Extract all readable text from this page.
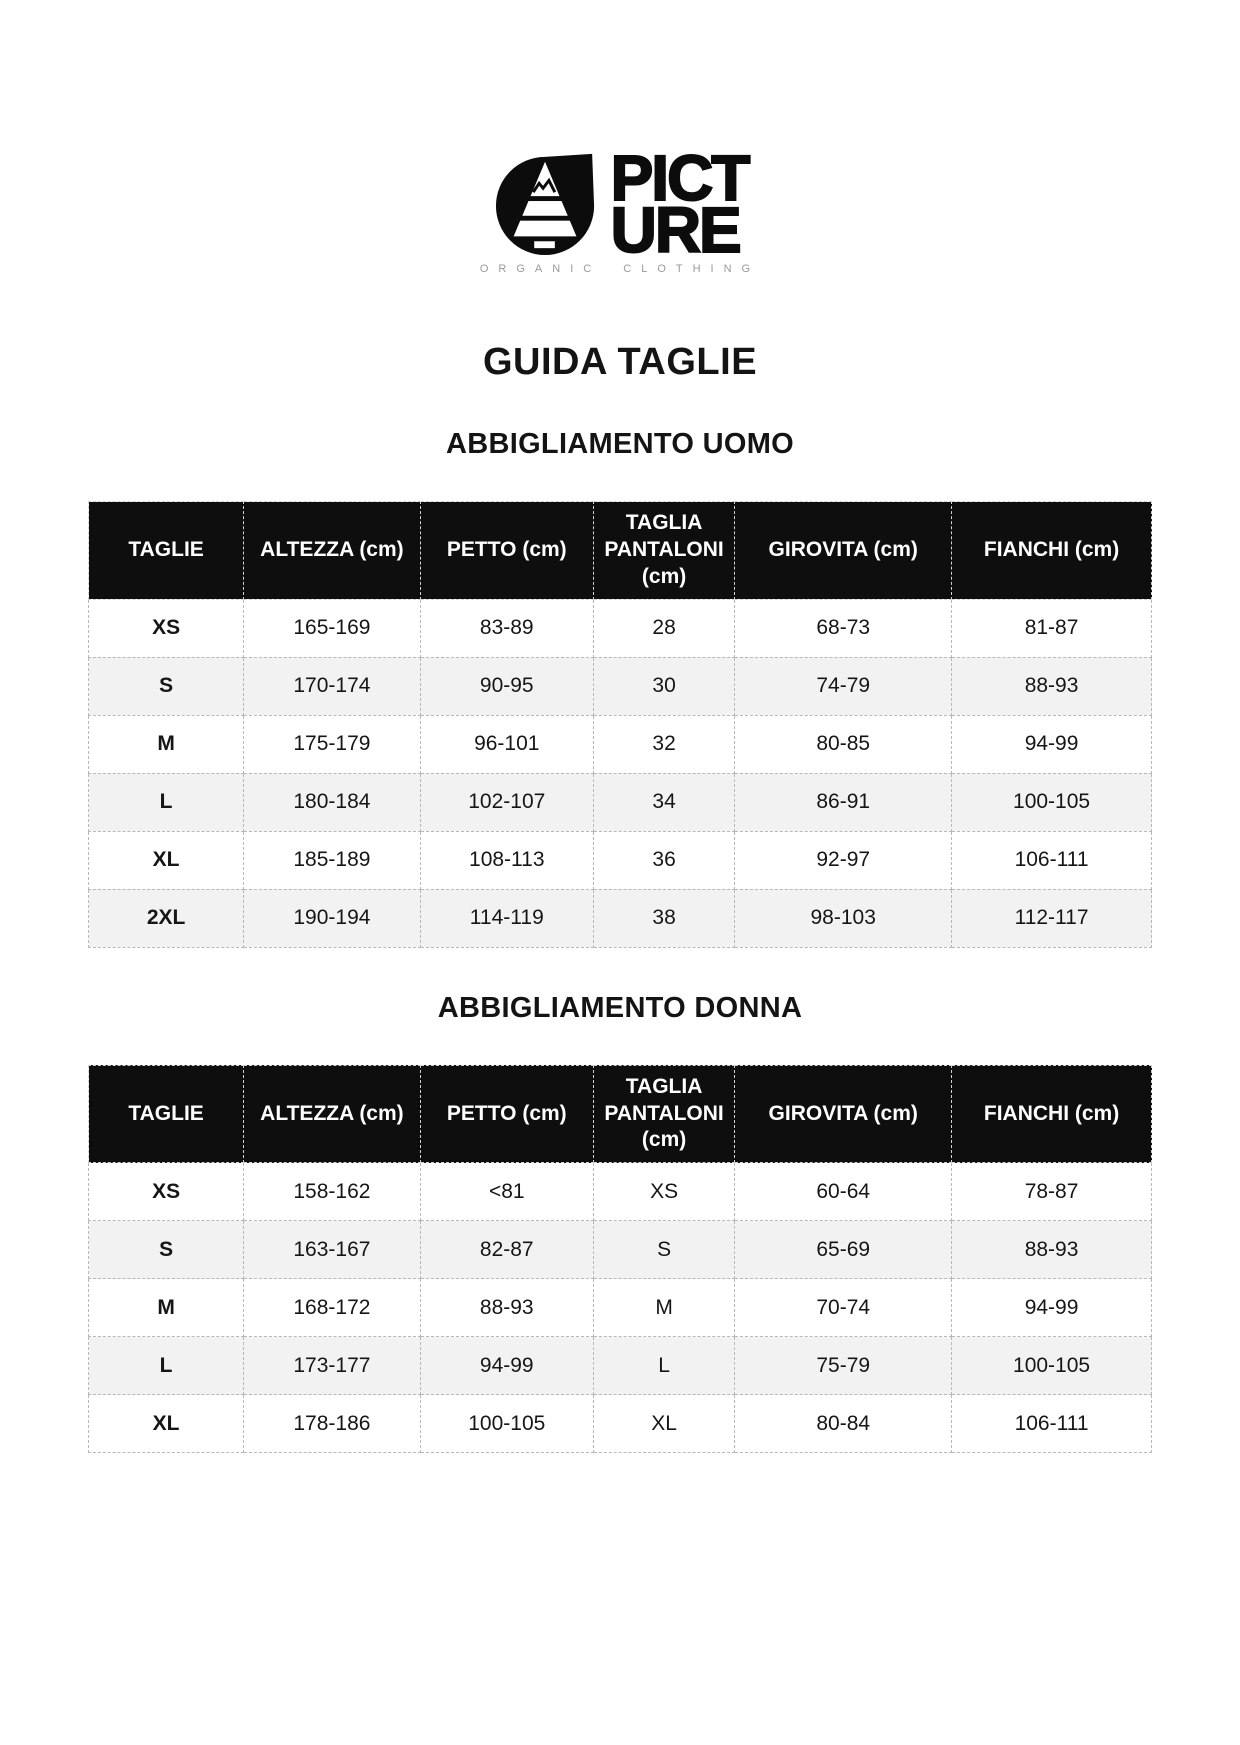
PICT
URE
ORGANIC CLOTHING
GUIDA TAGLIE
ABBIGLIAMENTO UOMO
TAGLIE	ALTEZZA (cm)	PETTO (cm)	TAGLIA PANTALONI (cm)	GIROVITA (cm)	FIANCHI (cm)
XS	165-169	83-89	28	68-73	81-87
S	170-174	90-95	30	74-79	88-93
M	175-179	96-101	32	80-85	94-99
L	180-184	102-107	34	86-91	100-105
XL	185-189	108-113	36	92-97	106-111
2XL	190-194	114-119	38	98-103	112-117
ABBIGLIAMENTO DONNA
TAGLIE	ALTEZZA (cm)	PETTO (cm)	TAGLIA PANTALONI (cm)	GIROVITA (cm)	FIANCHI (cm)
XS	158-162	<81	XS	60-64	78-87
S	163-167	82-87	S	65-69	88-93
M	168-172	88-93	M	70-74	94-99
L	173-177	94-99	L	75-79	100-105
XL	178-186	100-105	XL	80-84	106-111
